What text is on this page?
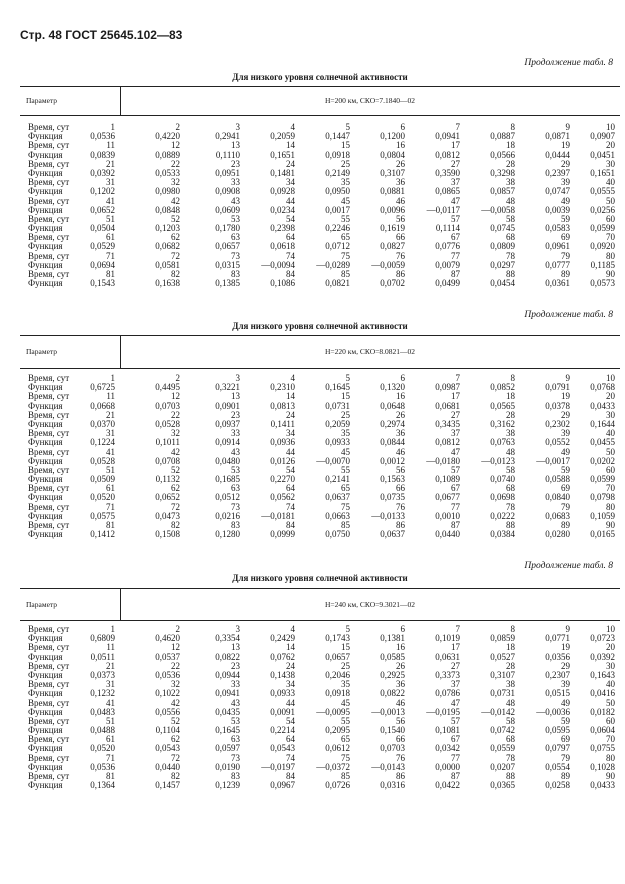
Стр. 48 ГОСТ 25645.102—83
Продолжение табл. 8
Для низкого уровня солнечной активности
Параметр	H=200 км, СКО=7.1840—02
Время, сут	1	2	3	4	5	6	7	8	9	10
Функция	0,0536	0,4220	0,2941	0,2059	0,1447	0,1200	0,0941	0,0887	0,0871	0,0907
Время, сут	11	12	13	14	15	16	17	18	19	20
Функция	0,0839	0,0889	0,1110	0,1651	0,0918	0,0804	0,0812	0,0566	0,0444	0,0451
Время, сут	21	22	23	24	25	26	27	28	29	30
Функция	0,0392	0,0533	0,0951	0,1481	0,2149	0,3107	0,3590	0,3298	0,2397	0,1651
Время, сут	31	32	33	34	35	36	37	38	39	40
Функция	0,1202	0,0980	0,0908	0,0928	0,0950	0,0881	0,0865	0,0857	0,0747	0,0555
Время, сут	41	42	43	44	45	46	47	48	49	50
Функция	0,0652	0,0848	0,0609	0,0234	0,0017	0,0096	—0,0117	—0,0058	0,0039	0,0256
Время, сут	51	52	53	54	55	56	57	58	59	60
Функция	0,0504	0,1203	0,1780	0,2398	0,2246	0,1619	0,1114	0,0745	0,0583	0,0599
Время, сут	61	62	63	64	65	66	67	68	69	70
Функция	0,0529	0,0682	0,0657	0,0618	0,0712	0,0827	0,0776	0,0809	0,0961	0,0920
Время, сут	71	72	73	74	75	76	77	78	79	80
Функция	0,0694	0,0581	0,0315	—0,0094	—0,0289	—0,0059	0,0079	0,0297	0,0777	0,1185
Время, сут	81	82	83	84	85	86	87	88	89	90
Функция	0,1543	0,1638	0,1385	0,1086	0,0821	0,0702	0,0499	0,0454	0,0361	0,0573
Продолжение табл. 8
Для низкого уровня солнечной активности
Параметр	H=220 км, СКО=8.0821—02
Время, сут	1	2	3	4	5	6	7	8	9	10
Функция	0,6725	0,4495	0,3221	0,2310	0,1645	0,1320	0,0987	0,0852	0,0791	0,0768
Время, сут	11	12	13	14	15	16	17	18	19	20
Функция	0,0668	0,0703	0,0901	0,0813	0,0731	0,0648	0,0681	0,0565	0,0378	0,0433
Время, сут	21	22	23	24	25	26	27	28	29	30
Функция	0,0370	0,0528	0,0937	0,1411	0,2059	0,2974	0,3435	0,3162	0,2302	0,1644
Время, сут	31	32	33	34	35	36	37	38	39	40
Функция	0,1224	0,1011	0,0914	0,0936	0,0933	0,0844	0,0812	0,0763	0,0552	0,0455
Время, сут	41	42	43	44	45	46	47	48	49	50
Функция	0,0528	0,0708	0,0480	0,0126	—0,0070	0,0012	—0,0180	—0,0123	—0,0017	0,0202
Время, сут	51	52	53	54	55	56	57	58	59	60
Функция	0,0509	0,1132	0,1685	0,2270	0,2141	0,1563	0,1089	0,0740	0,0588	0,0599
Время, сут	61	62	63	64	65	66	67	68	69	70
Функция	0,0520	0,0652	0,0512	0,0562	0,0637	0,0735	0,0677	0,0698	0,0840	0,0798
Время, сут	71	72	73	74	75	76	77	78	79	80
Функция	0,0575	0,0473	0,0216	—0,0181	0,0663	—0,0133	0,0010	0,0222	0,0683	0,1059
Время, сут	81	82	83	84	85	86	87	88	89	90
Функция	0,1412	0,1508	0,1280	0,0999	0,0750	0,0637	0,0440	0,0384	0,0280	0,0165
Продолжение табл. 8
Для низкого уровня солнечной активности
Параметр	H=240 км, СКО=9.3021—02
Время, сут	1	2	3	4	5	6	7	8	9	10
Функция	0,6809	0,4620	0,3354	0,2429	0,1743	0,1381	0,1019	0,0859	0,0771	0,0723
Время, сут	11	12	13	14	15	16	17	18	19	20
Функция	0,0511	0,0537	0,0822	0,0762	0,0657	0,0585	0,0631	0,0527	0,0356	0,0392
Время, сут	21	22	23	24	25	26	27	28	29	30
Функция	0,0373	0,0536	0,0944	0,1438	0,2046	0,2925	0,3373	0,3107	0,2307	0,1643
Время, сут	31	32	33	34	35	36	37	38	39	40
Функция	0,1232	0,1022	0,0941	0,0933	0,0918	0,0822	0,0786	0,0731	0,0515	0,0416
Время, сут	41	42	43	44	45	46	47	48	49	50
Функция	0,0483	0,0556	0,0435	0,0091	—0,0095	—0,0013	—0,0195	—0,0142	—0,0036	0,0182
Время, сут	51	52	53	54	55	56	57	58	59	60
Функция	0,0488	0,1104	0,1645	0,2214	0,2095	0,1540	0,1081	0,0742	0,0595	0,0604
Время, сут	61	62	63	64	65	66	67	68	69	70
Функция	0,0520	0,0543	0,0597	0,0543	0,0612	0,0703	0,0342	0,0559	0,0797	0,0755
Время, сут	71	72	73	74	75	76	77	78	79	80
Функция	0,0536	0,0440	0,0190	—0,0197	—0,0372	—0,0143	0,0000	0,0207	0,0554	0,1028
Время, сут	81	82	83	84	85	86	87	88	89	90
Функция	0,1364	0,1457	0,1239	0,0967	0,0726	0,0316	0,0422	0,0365	0,0258	0,0433
